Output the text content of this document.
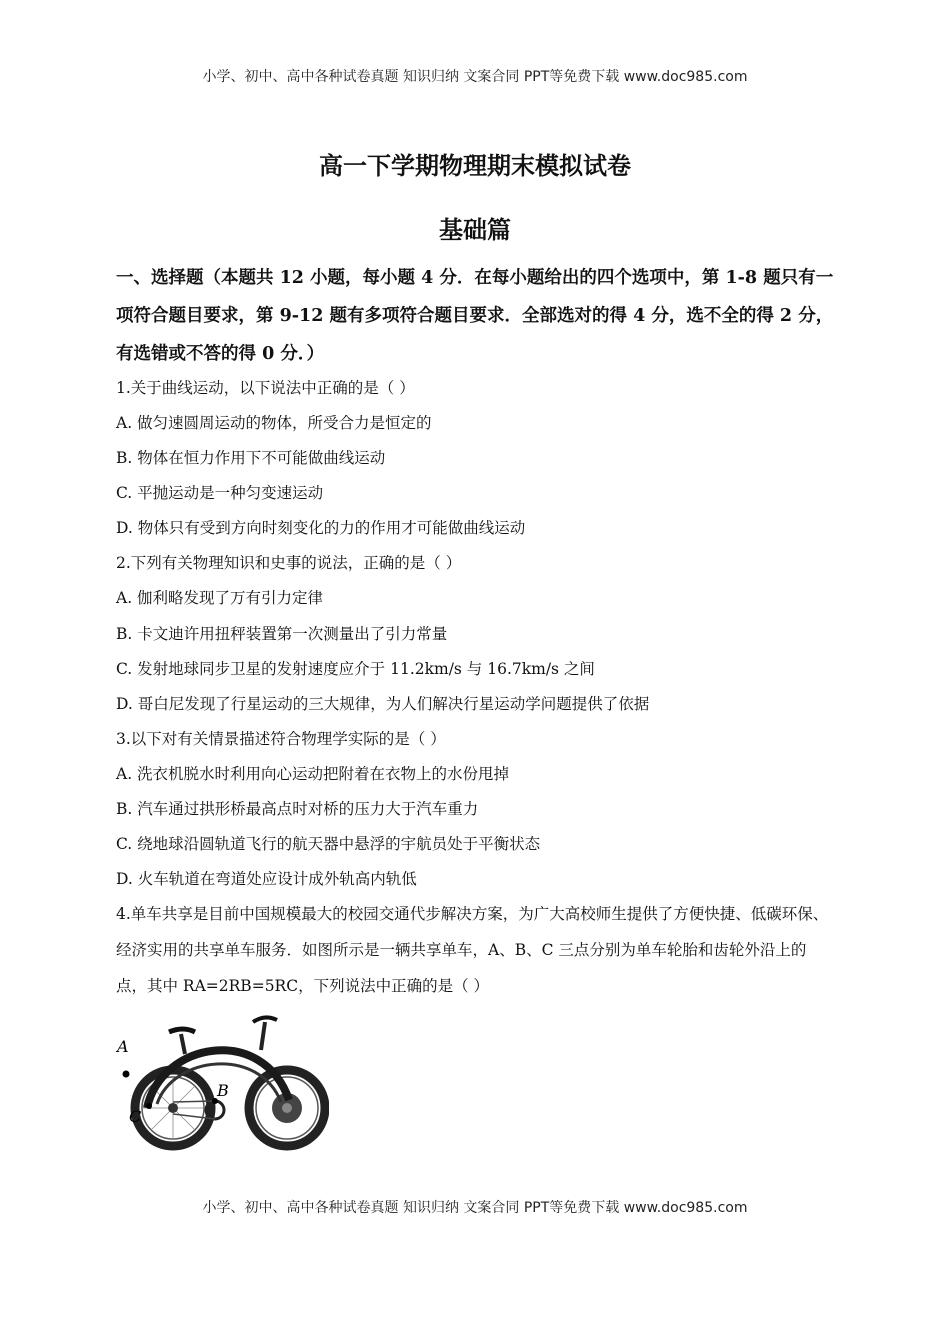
小学、初中、高中各种试卷真题 知识归纳 文案合同 PPT等免费下载 www.doc985.com
高一下学期物理期末模拟试卷
基础篇
一、选择题（本题共 12 小题，每小题 4 分．在每小题给出的四个选项中，第 1-8 题只有一项符合题目要求，第 9-12 题有多项符合题目要求．全部选对的得 4 分，选不全的得 2 分，有选错或不答的得 0 分．）
1.关于曲线运动，以下说法中正确的是（ ）
A. 做匀速圆周运动的物体，所受合力是恒定的
B. 物体在恒力作用下不可能做曲线运动
C. 平抛运动是一种匀变速运动
D. 物体只有受到方向时刻变化的力的作用才可能做曲线运动
2.下列有关物理知识和史事的说法，正确的是（ ）
A. 伽利略发现了万有引力定律
B. 卡文迪许用扭秤装置第一次测量出了引力常量
C. 发射地球同步卫星的发射速度应介于 11.2km/s 与 16.7km/s 之间
D. 哥白尼发现了行星运动的三大规律，为人们解决行星运动学问题提供了依据
3.以下对有关情景描述符合物理学实际的是（ ）
A. 洗衣机脱水时利用向心运动把附着在衣物上的水份甩掉
B. 汽车通过拱形桥最高点时对桥的压力大于汽车重力
C. 绕地球沿圆轨道飞行的航天器中悬浮的宇航员处于平衡状态
D. 火车轨道在弯道处应设计成外轨高内轨低
4.单车共享是目前中国规模最大的校园交通代步解决方案，为广大高校师生提供了方便快捷、低碳环保、经济实用的共享单车服务．如图所示是一辆共享单车，A、B、C 三点分别为单车轮胎和齿轮外沿上的点，其中 RA=2RB=5RC，下列说法中正确的是（ ）
A
C
B
小学、初中、高中各种试卷真题 知识归纳 文案合同 PPT等免费下载 www.doc985.com
